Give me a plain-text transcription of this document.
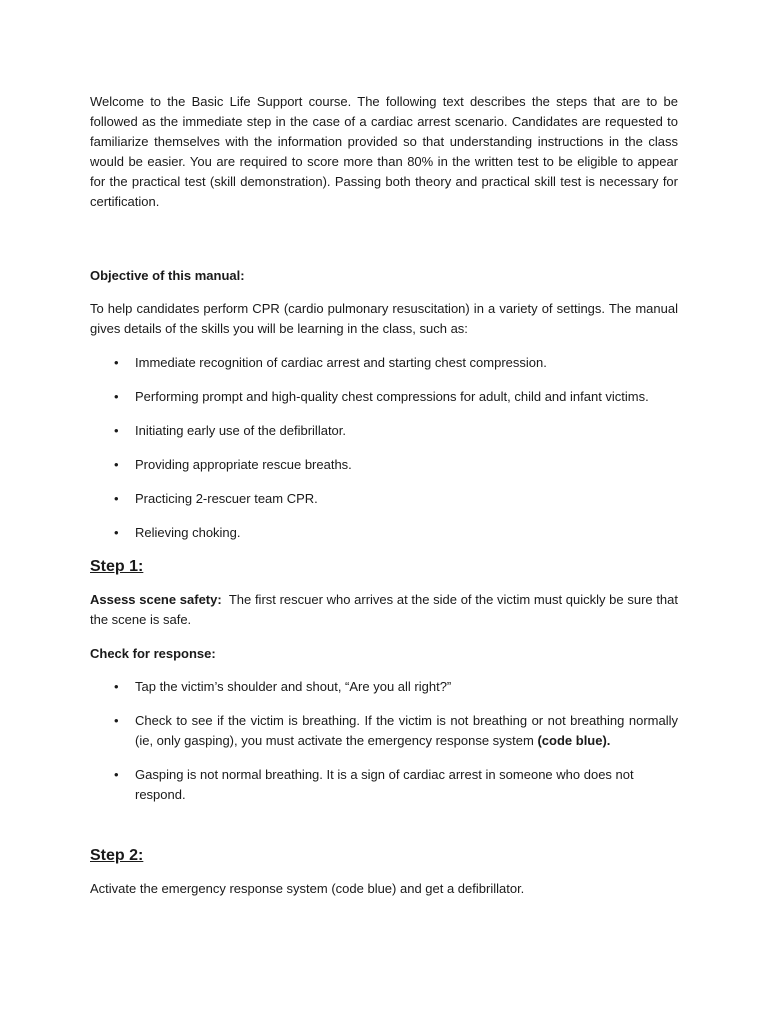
Welcome to the Basic Life Support course. The following text describes the steps that are to be followed as the immediate step in the case of a cardiac arrest scenario. Candidates are requested to familiarize themselves with the information provided so that understanding instructions in the class would be easier. You are required to score more than 80% in the written test to be eligible to appear for the practical test (skill demonstration). Passing both theory and practical skill test is necessary for certification.

Objective of this manual:

To help candidates perform CPR (cardio pulmonary resuscitation) in a variety of settings. The manual gives details of the skills you will be learning in the class, such as:

• Immediate recognition of cardiac arrest and starting chest compression.
• Performing prompt and high-quality chest compressions for adult, child and infant victims.
• Initiating early use of the defibrillator.
• Providing appropriate rescue breaths.
• Practicing 2-rescuer team CPR.
• Relieving choking.

Step 1:

Assess scene safety:  The first rescuer who arrives at the side of the victim must quickly be sure that the scene is safe.

Check for response:

• Tap the victim’s shoulder and shout, “Are you all right?”
• Check to see if the victim is breathing. If the victim is not breathing or not breathing normally (ie, only gasping), you must activate the emergency response system (code blue).
• Gasping is not normal breathing. It is a sign of cardiac arrest in someone who does not respond.

Step 2:

Activate the emergency response system (code blue) and get a defibrillator.
